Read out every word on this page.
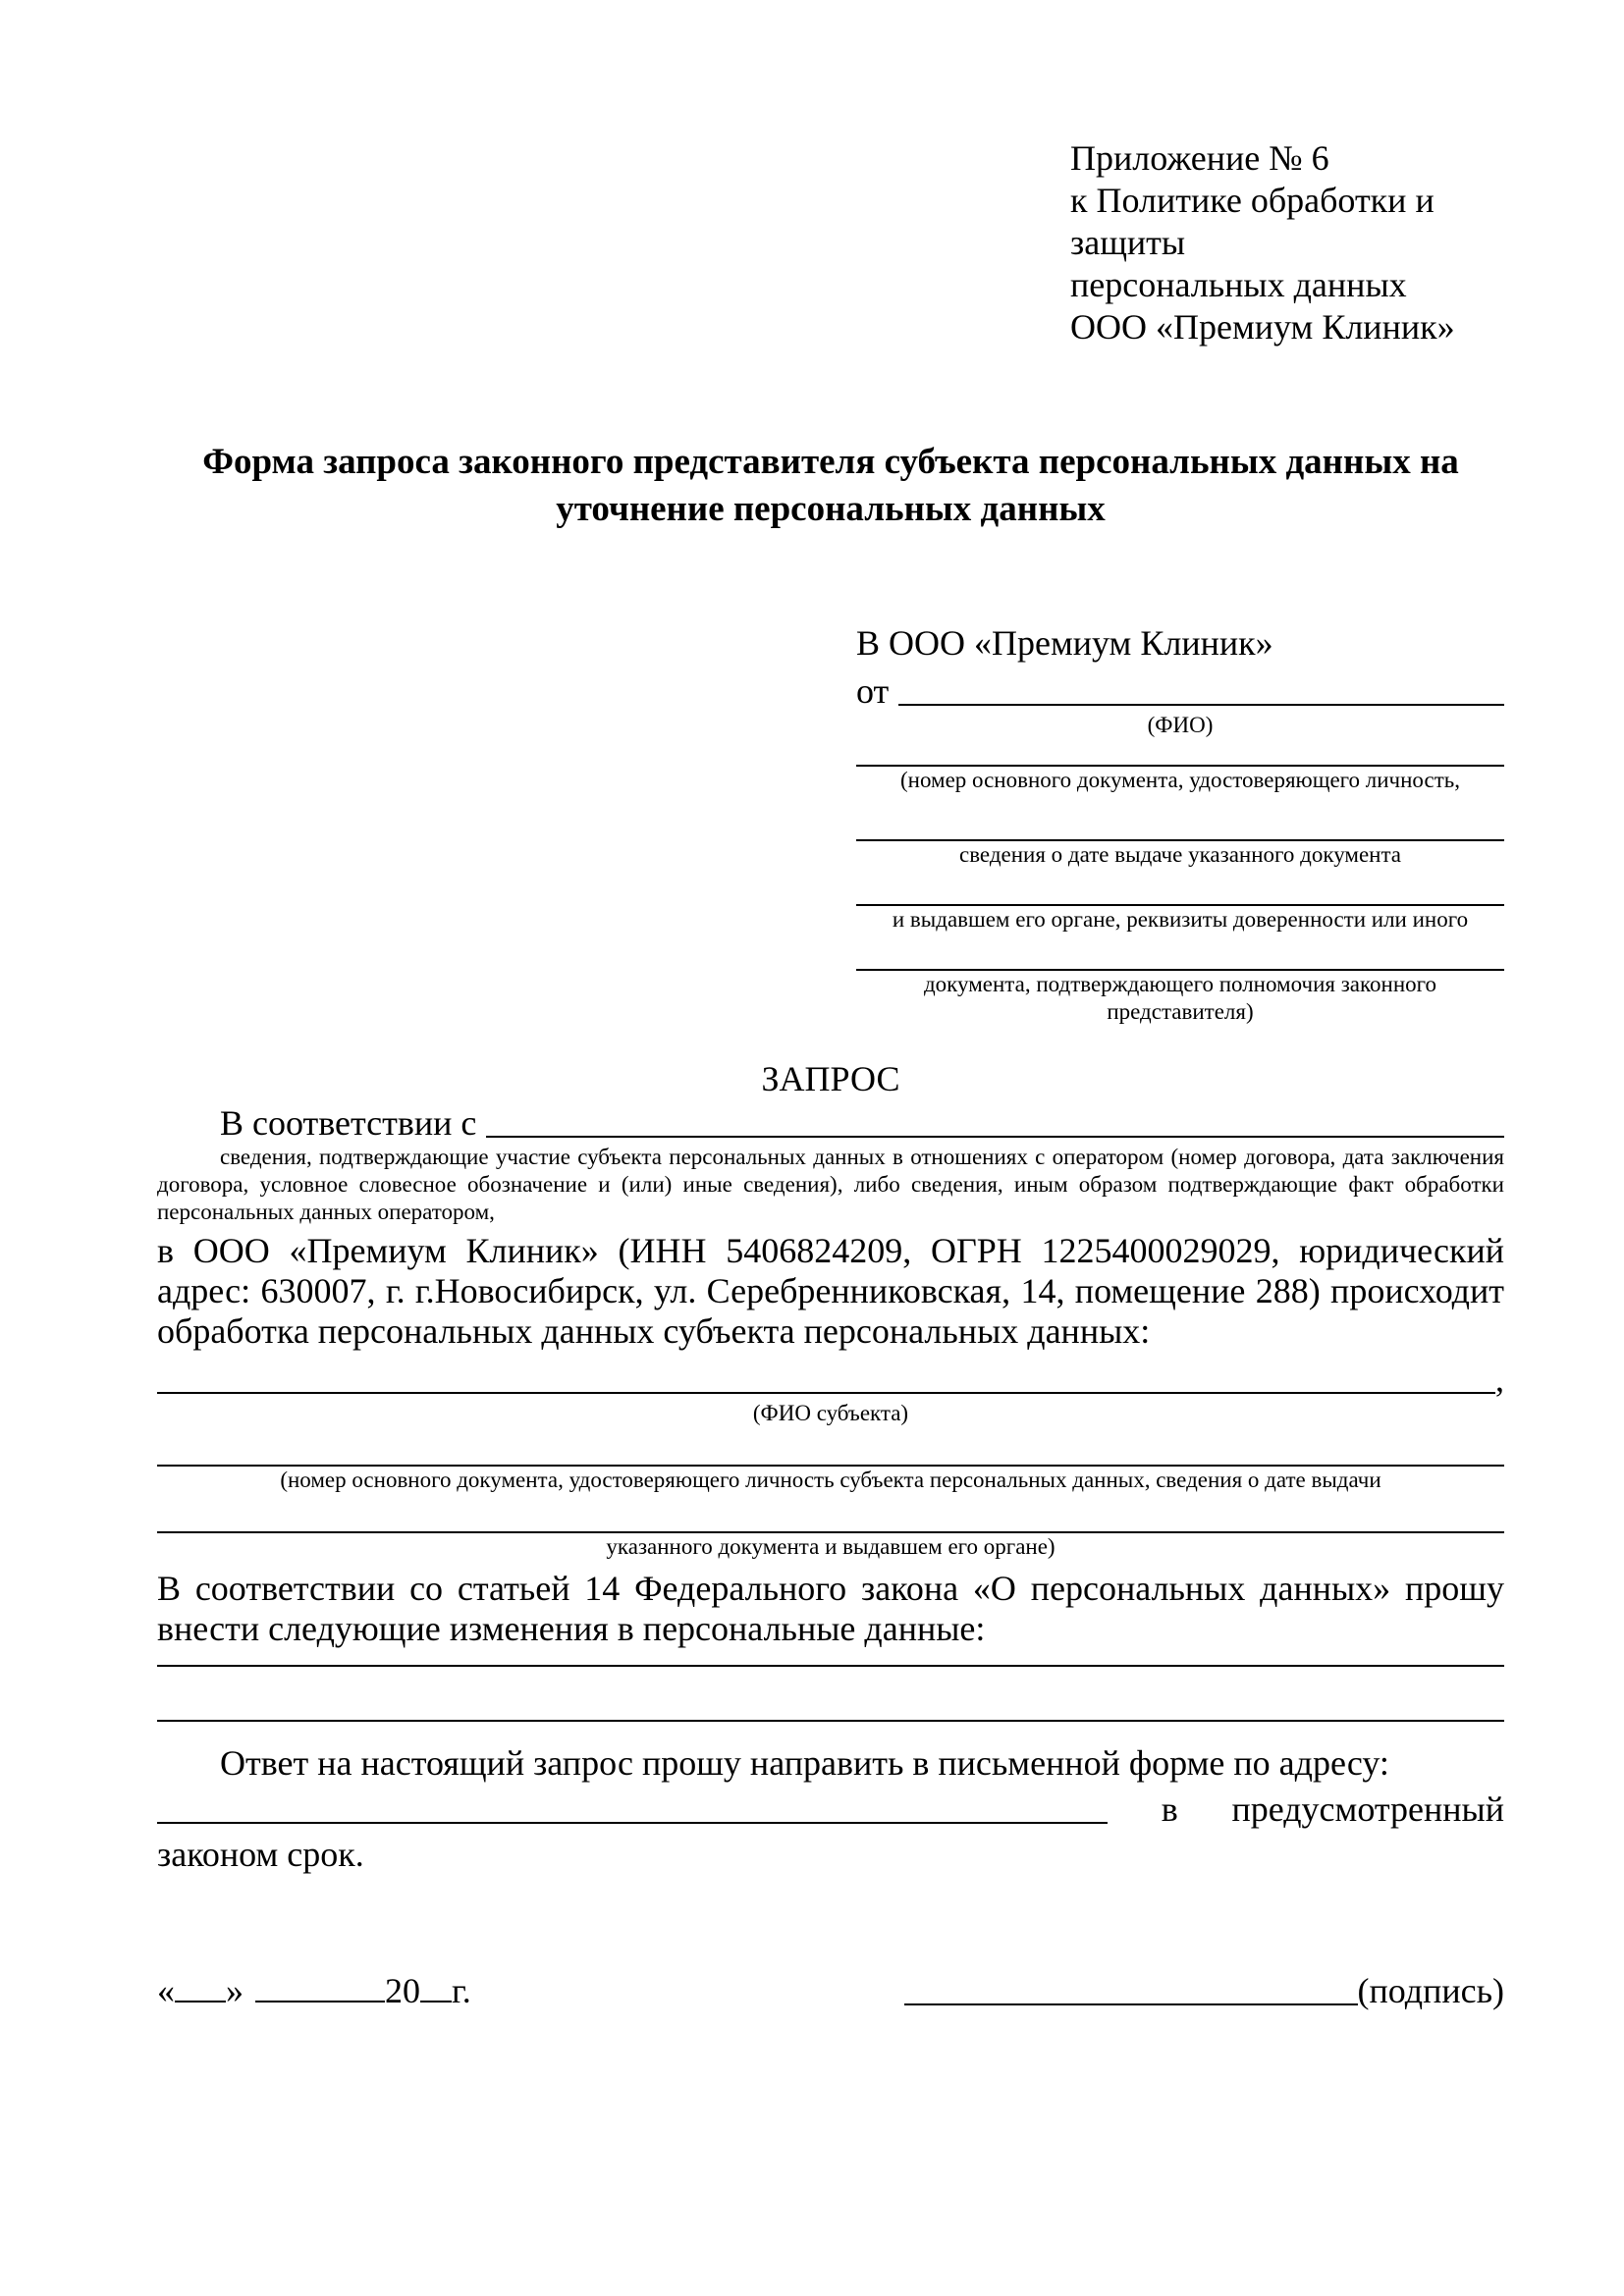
Приложение № 6
к Политике обработки и защиты
персональных данных
ООО «Премиум Клиник»
Форма запроса законного представителя субъекта персональных данных на уточнение персональных данных
В ООО «Премиум Клиник»
от
(ФИО)
(номер основного документа, удостоверяющего личность,
сведения о дате выдаче указанного документа
и выдавшем его органе, реквизиты доверенности или иного
документа, подтверждающего полномочия законного представителя)
ЗАПРОС
В соответствии с
сведения, подтверждающие участие субъекта персональных данных в отношениях с оператором (номер договора, дата заключения договора, условное словесное обозначение и (или) иные сведения), либо сведения, иным образом подтверждающие факт обработки персональных данных оператором,
в ООО «Премиум Клиник» (ИНН 5406824209, ОГРН 1225400029029, юридический адрес: 630007, г. г.Новосибирск, ул. Серебренниковская, 14, помещение 288) происходит обработка персональных данных субъекта персональных данных:
,
(ФИО субъекта)
(номер основного документа, удостоверяющего личность субъекта персональных данных, сведения о дате выдачи
указанного документа и выдавшем его органе)
В соответствии со статьей 14 Федерального закона «О персональных данных» прошу внести следующие изменения в персональные данные:
Ответ на настоящий запрос прошу направить в письменной форме по адресу:
в предусмотренный
законом срок.
« »	20 г.	(подпись)
